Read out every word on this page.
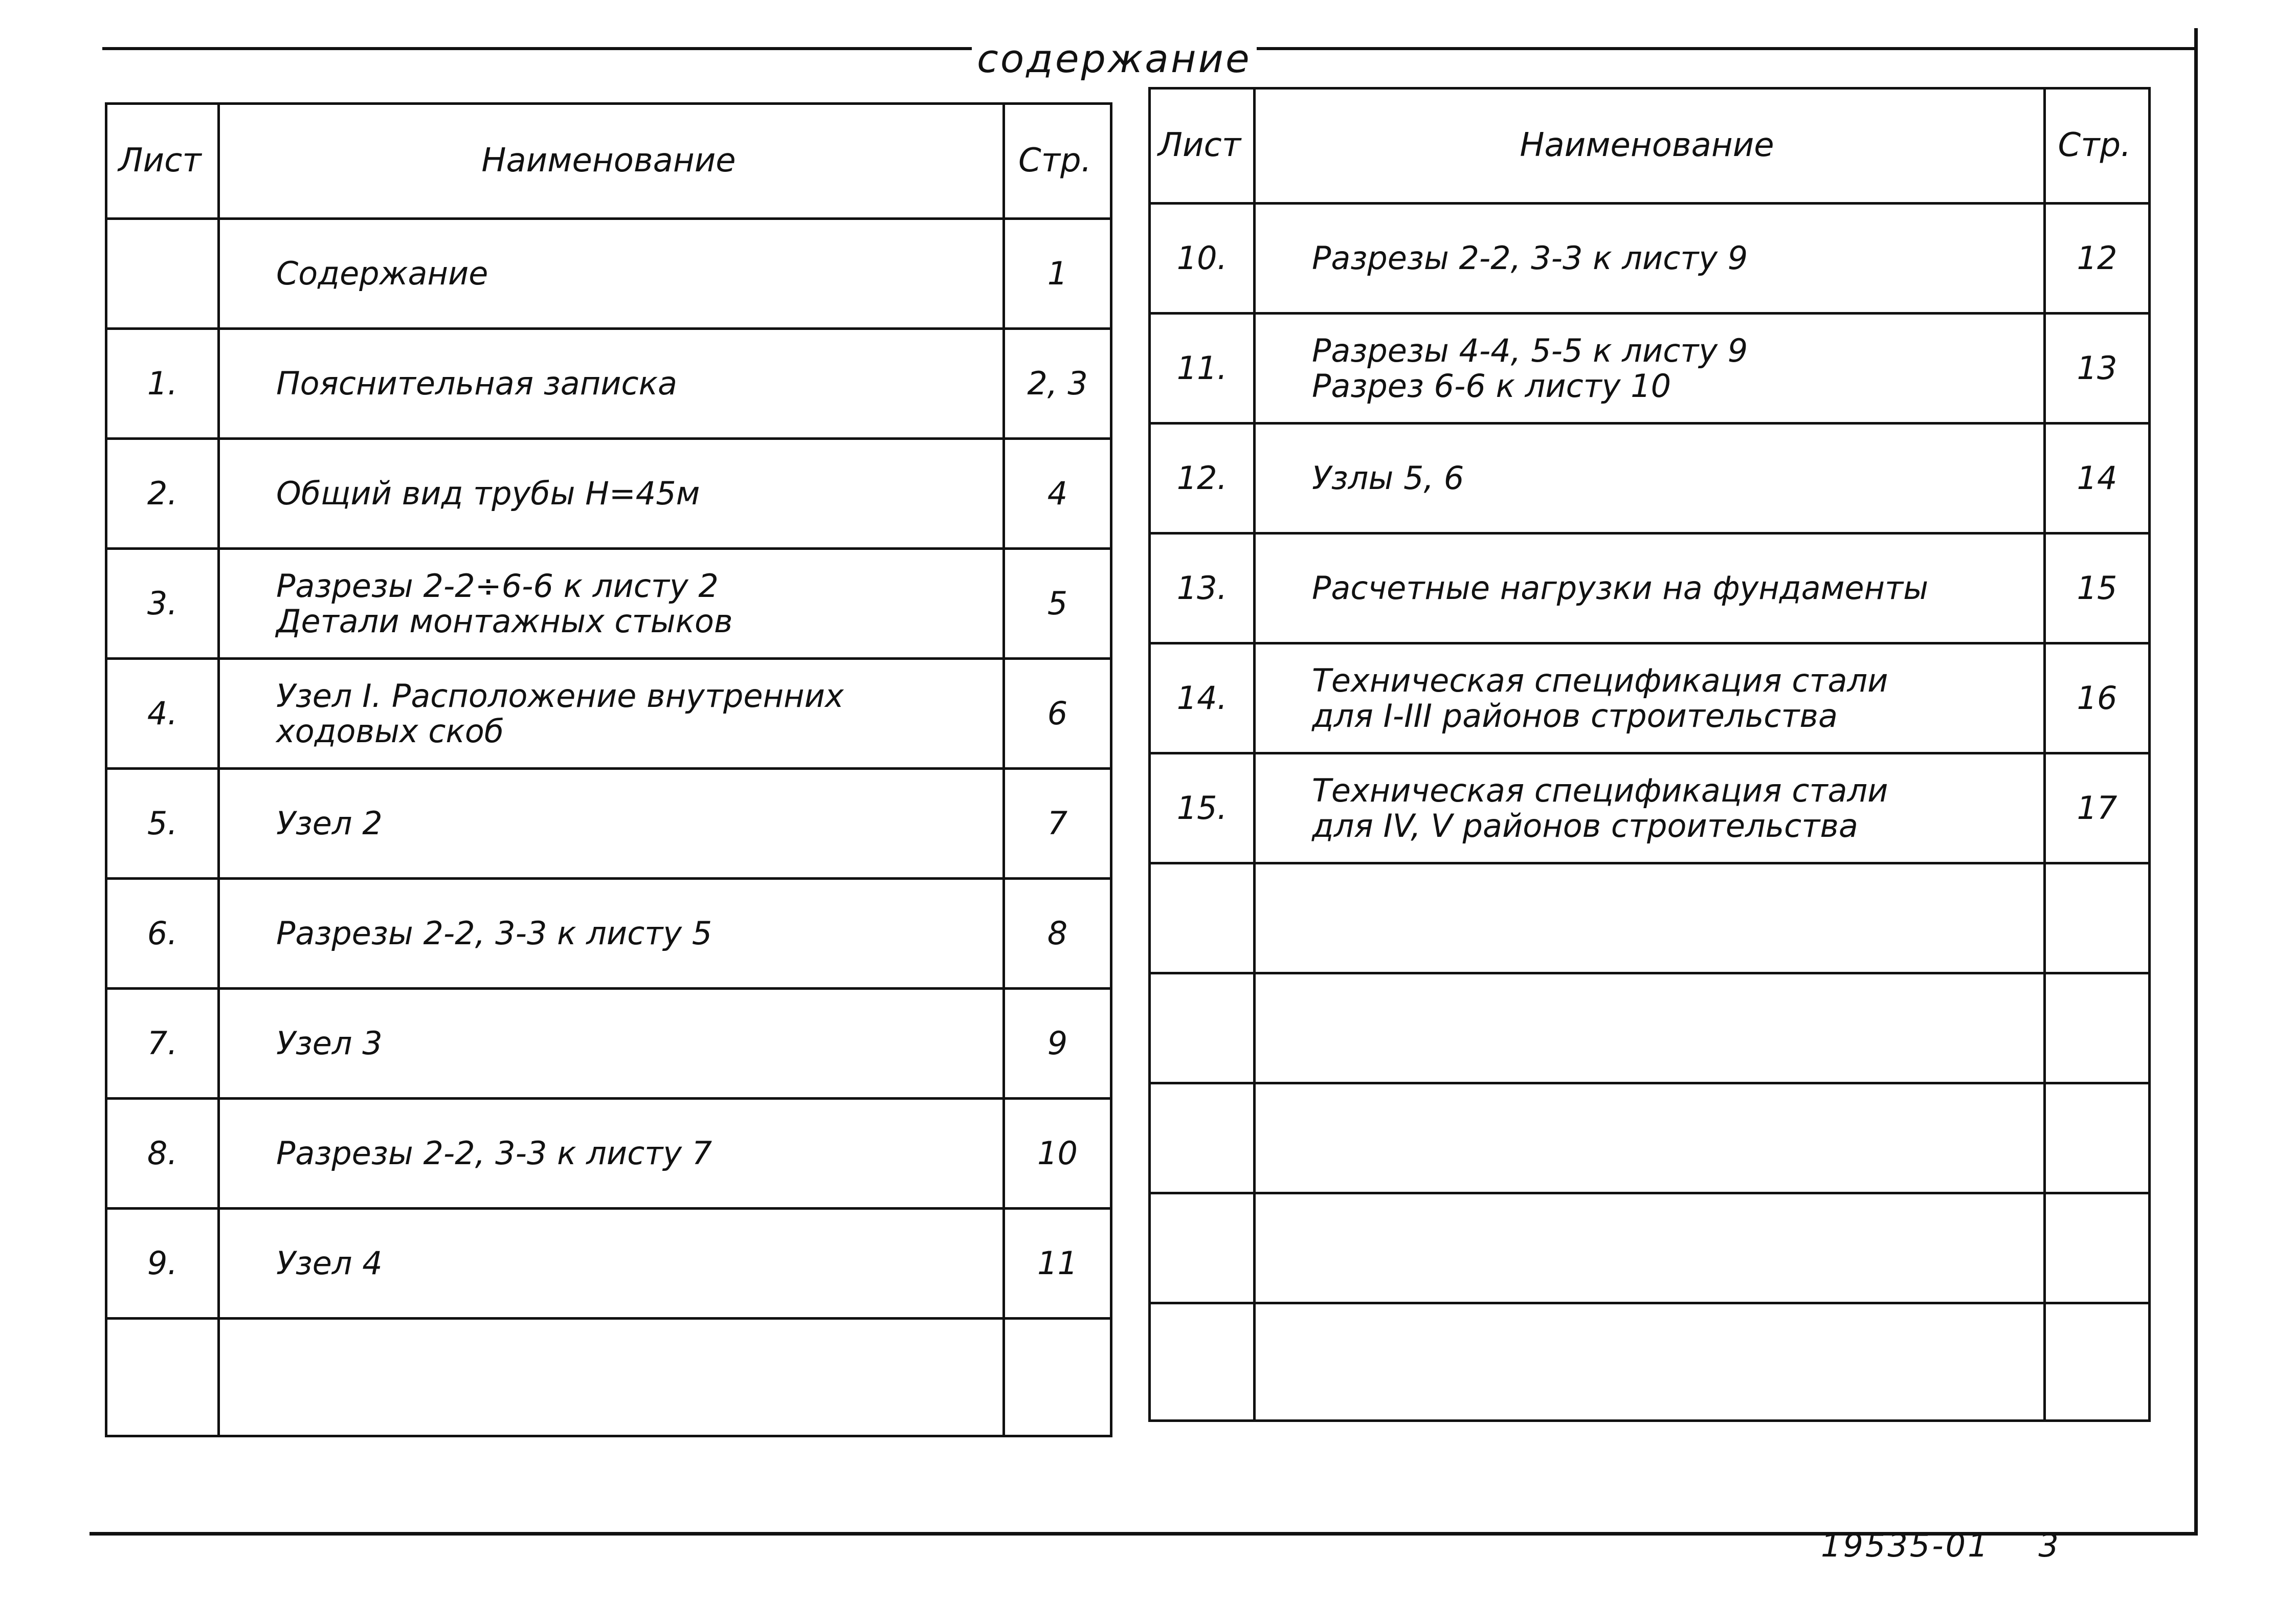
содержание
Лист	Наименование	Стр.

	Содержание	1
1.	Пояснительная записка	2, 3
2.	Общий вид трубы Н=45м	4
3.	Разрезы 2-2÷6-6 к листу 2
Детали монтажных стыков	5
4.	Узел I. Расположение внутренних
ходовых скоб	6
5.	Узел 2	7
6.	Разрезы 2-2, 3-3 к листу 5	8
7.	Узел 3	9
8.	Разрезы 2-2, 3-3 к листу 7	10
9.	Узел 4	11

Лист	Наименование	Стр.
10.	Разрезы 2-2, 3-3 к листу 9	12
11.	Разрезы 4-4, 5-5 к листу 9
Разрез 6-6 к листу 10	13
12.	Узлы 5, 6	14
13.	Расчетные нагрузки на фундаменты	15
14.	Техническая спецификация стали
для I-III районов строительства	16
15.	Техническая спецификация стали
для IV, V районов строительства	17

19535-01 3
